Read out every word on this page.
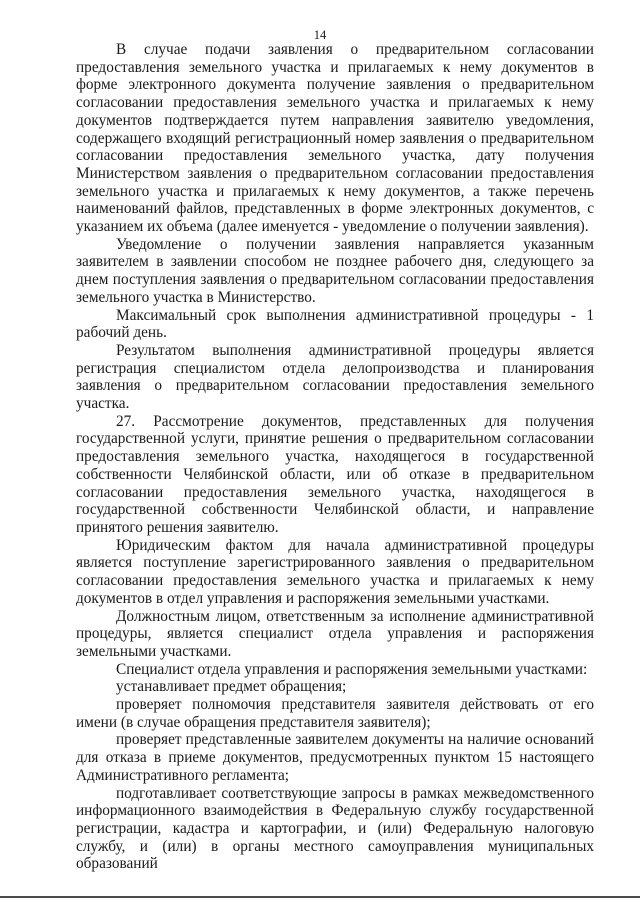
14

В случае подачи заявления о предварительном согласовании предоставления земельного участка и прилагаемых к нему документов в форме электронного документа получение заявления о предварительном согласовании предоставления земельного участка и прилагаемых к нему документов подтверждается путем направления заявителю уведомления, содержащего входящий регистрационный номер заявления о предварительном согласовании предоставления земельного участка, дату получения Министерством заявления о предварительном согласовании предоставления земельного участка и прилагаемых к нему документов, а также перечень наименований файлов, представленных в форме электронных документов, с указанием их объема (далее именуется - уведомление о получении заявления).

Уведомление о получении заявления направляется указанным заявителем в заявлении способом не позднее рабочего дня, следующего за днем поступления заявления о предварительном согласовании предоставления земельного участка в Министерство.

Максимальный срок выполнения административной процедуры - 1 рабочий день.

Результатом выполнения административной процедуры является регистрация специалистом отдела делопроизводства и планирования заявления о предварительном согласовании предоставления земельного участка.

27. Рассмотрение документов, представленных для получения государственной услуги, принятие решения о предварительном согласовании предоставления земельного участка, находящегося в государственной собственности Челябинской области, или об отказе в предварительном согласовании предоставления земельного участка, находящегося в государственной собственности Челябинской области, и направление принятого решения заявителю.

Юридическим фактом для начала административной процедуры является поступление зарегистрированного заявления о предварительном согласовании предоставления земельного участка и прилагаемых к нему документов в отдел управления и распоряжения земельными участками.

Должностным лицом, ответственным за исполнение административной процедуры, является специалист отдела управления и распоряжения земельными участками.

Специалист отдела управления и распоряжения земельными участками:

устанавливает предмет обращения;

проверяет полномочия представителя заявителя действовать от его имени (в случае обращения представителя заявителя);

проверяет представленные заявителем документы на наличие оснований для отказа в приеме документов, предусмотренных пунктом 15 настоящего Административного регламента;

подготавливает соответствующие запросы в рамках межведомственного информационного взаимодействия в Федеральную службу государственной регистрации, кадастра и картографии, и (или) Федеральную налоговую службу, и (или) в органы местного самоуправления муниципальных образований
